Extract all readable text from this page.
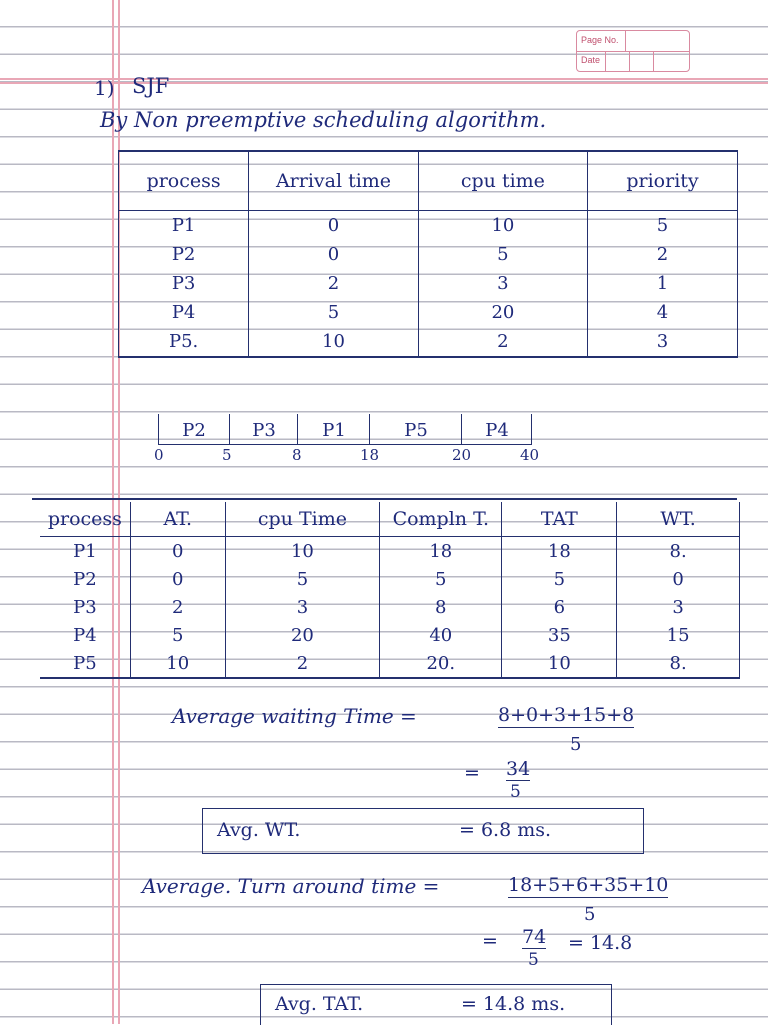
Page No.
Date
1) SJF
By Non preemptive scheduling algorithm.
process	Arrival time	cpu time	priority
P1	0	10	5
P2	0	5	2
P3	2	3	1
P4	5	20	4
P5.	10	2	3
P2	P3	P1	P5	P4
0	5	8	18	20	40
process	AT.	cpu Time	Compln T.	TAT	WT.
P1	0	10	18	18	8.
P2	0	5	5	5	0
P3	2	3	8	6	3
P4	5	20	40	35	15
P5	10	2	20.	10	8.
Average waiting Time =	8+0+3+15+8
5
= 34
5
Avg. WT.	= 6.8 ms.
Average. Turn around time =	18+5+6+35+10
5
= 74
5
= 14.8
Avg. TAT.	= 14.8 ms.
